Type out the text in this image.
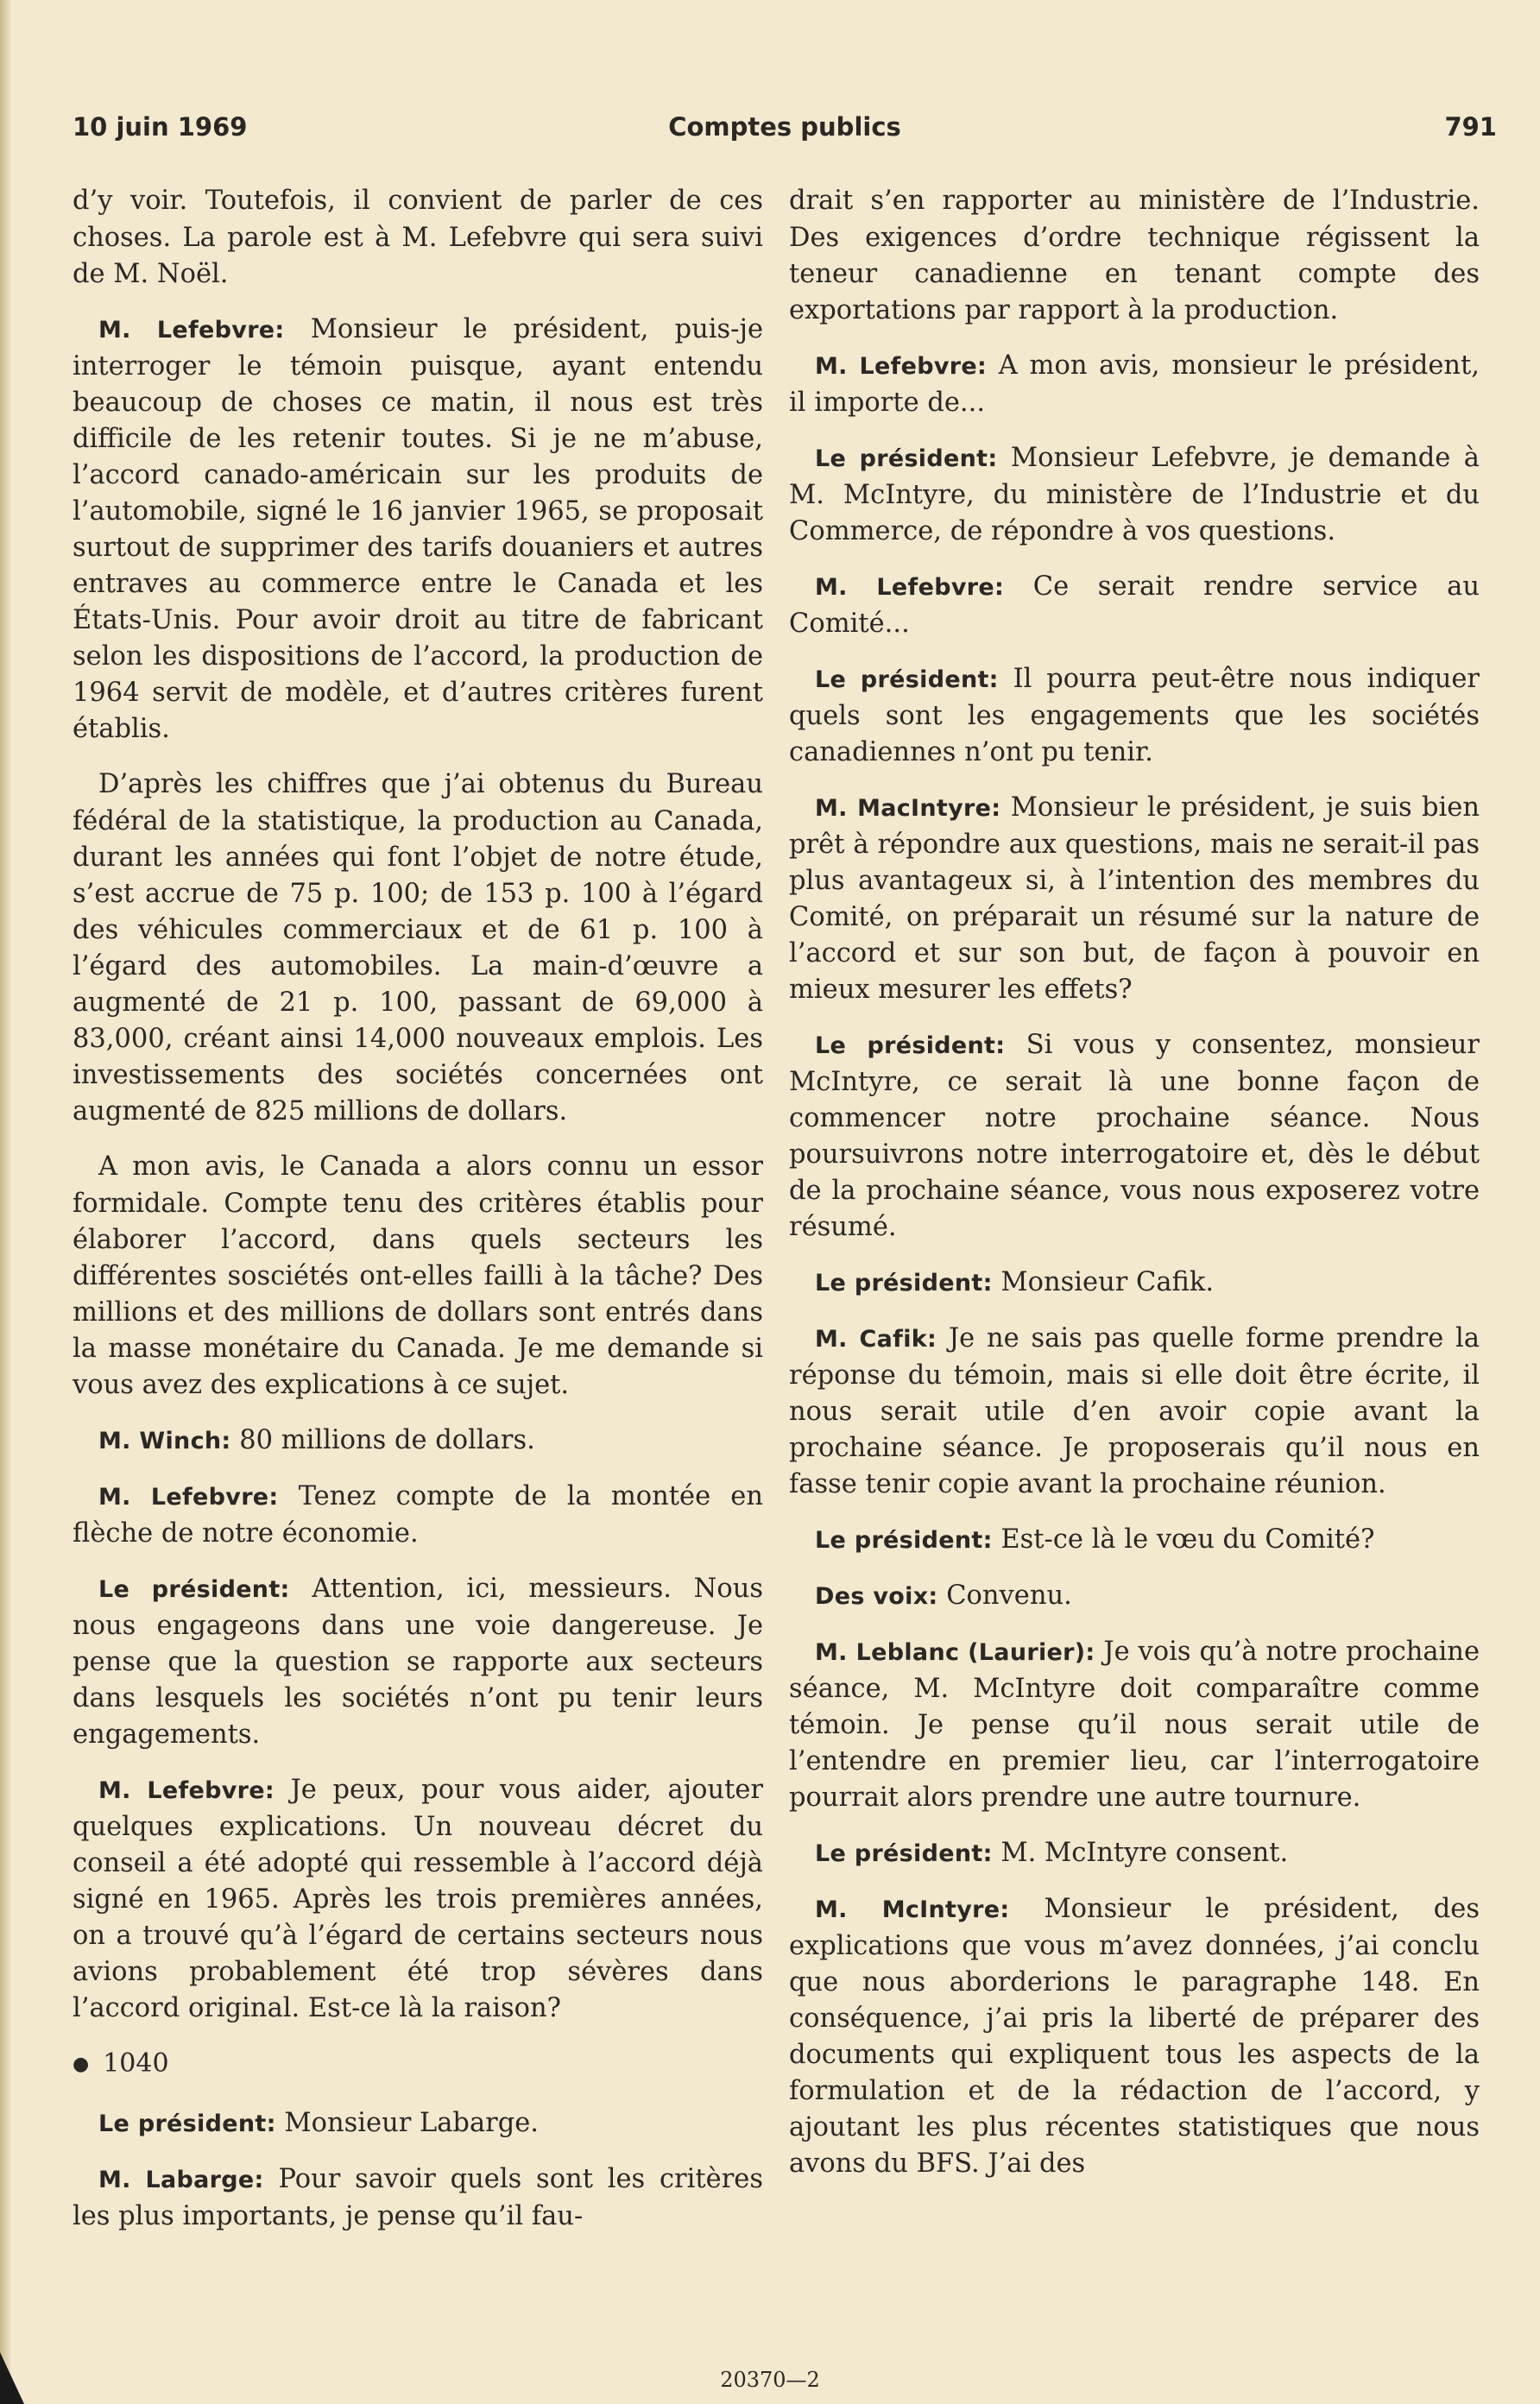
10 juin 1969	Comptes publics	791

d’y voir. Toutefois, il convient de parler de ces choses. La parole est à M. Lefebvre qui sera suivi de M. Noël.

M. Lefebvre: Monsieur le président, puis-je interroger le témoin puisque, ayant entendu beaucoup de choses ce matin, il nous est très difficile de les retenir toutes. Si je ne m’abuse, l’accord canado-américain sur les produits de l’automobile, signé le 16 janvier 1965, se proposait surtout de supprimer des tarifs douaniers et autres entraves au commerce entre le Canada et les États-Unis. Pour avoir droit au titre de fabricant selon les dispositions de l’accord, la production de 1964 servit de modèle, et d’autres critères furent établis.

D’après les chiffres que j’ai obtenus du Bureau fédéral de la statistique, la production au Canada, durant les années qui font l’objet de notre étude, s’est accrue de 75 p. 100; de 153 p. 100 à l’égard des véhicules commerciaux et de 61 p. 100 à l’égard des automobiles. La main-d’œuvre a augmenté de 21 p. 100, passant de 69,000 à 83,000, créant ainsi 14,000 nouveaux emplois. Les investissements des sociétés concernées ont augmenté de 825 millions de dollars.

A mon avis, le Canada a alors connu un essor formidale. Compte tenu des critères établis pour élaborer l’accord, dans quels secteurs les différentes sosciétés ont-elles failli à la tâche? Des millions et des millions de dollars sont entrés dans la masse monétaire du Canada. Je me demande si vous avez des explications à ce sujet.

M. Winch: 80 millions de dollars.

M. Lefebvre: Tenez compte de la montée en flèche de notre économie.

Le président: Attention, ici, messieurs. Nous nous engageons dans une voie dangereuse. Je pense que la question se rapporte aux secteurs dans lesquels les sociétés n’ont pu tenir leurs engagements.

M. Lefebvre: Je peux, pour vous aider, ajouter quelques explications. Un nouveau décret du conseil a été adopté qui ressemble à l’accord déjà signé en 1965. Après les trois premières années, on a trouvé qu’à l’égard de certains secteurs nous avions probablement été trop sévères dans l’accord original. Est-ce là la raison?

● 1040

Le président: Monsieur Labarge.

M. Labarge: Pour savoir quels sont les critères les plus importants, je pense qu’il fau-

drait s’en rapporter au ministère de l’Industrie. Des exigences d’ordre technique régissent la teneur canadienne en tenant compte des exportations par rapport à la production.

M. Lefebvre: A mon avis, monsieur le président, il importe de...

Le président: Monsieur Lefebvre, je demande à M. McIntyre, du ministère de l’Industrie et du Commerce, de répondre à vos questions.

M. Lefebvre: Ce serait rendre service au Comité...

Le président: Il pourra peut-être nous indiquer quels sont les engagements que les sociétés canadiennes n’ont pu tenir.

M. MacIntyre: Monsieur le président, je suis bien prêt à répondre aux questions, mais ne serait-il pas plus avantageux si, à l’intention des membres du Comité, on préparait un résumé sur la nature de l’accord et sur son but, de façon à pouvoir en mieux mesurer les effets?

Le président: Si vous y consentez, monsieur McIntyre, ce serait là une bonne façon de commencer notre prochaine séance. Nous poursuivrons notre interrogatoire et, dès le début de la prochaine séance, vous nous exposerez votre résumé.

Le président: Monsieur Cafik.

M. Cafik: Je ne sais pas quelle forme prendre la réponse du témoin, mais si elle doit être écrite, il nous serait utile d’en avoir copie avant la prochaine séance. Je proposerais qu’il nous en fasse tenir copie avant la prochaine réunion.

Le président: Est-ce là le vœu du Comité?

Des voix: Convenu.

M. Leblanc (Laurier): Je vois qu’à notre prochaine séance, M. McIntyre doit comparaître comme témoin. Je pense qu’il nous serait utile de l’entendre en premier lieu, car l’interrogatoire pourrait alors prendre une autre tournure.

Le président: M. McIntyre consent.

M. McIntyre: Monsieur le président, des explications que vous m’avez données, j’ai conclu que nous aborderions le paragraphe 148. En conséquence, j’ai pris la liberté de préparer des documents qui expliquent tous les aspects de la formulation et de la rédaction de l’accord, y ajoutant les plus récentes statistiques que nous avons du BFS. J’ai des

20370—2
